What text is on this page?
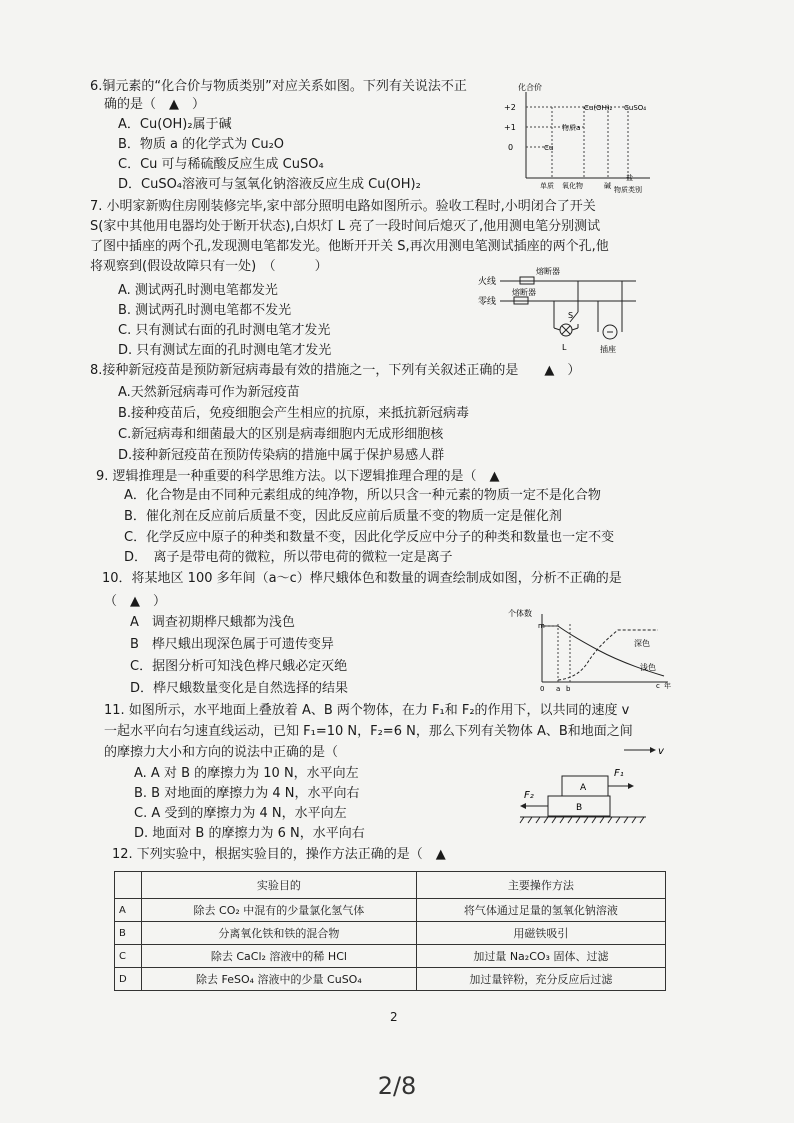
6.铜元素的“化合价与物质类别”对应关系如图。下列有关说法不正
确的是（　▲　）
A．Cu(OH)₂属于碱
B．物质 a 的化学式为 Cu₂O
C．Cu 可与稀硫酸反应生成 CuSO₄
D．CuSO₄溶液可与氢氧化钠溶液反应生成 Cu(OH)₂
化合价
+2
+1
0
Cu(OH)₂ CuSO₄
物质a
Cu
单质 氧化物	碱
盐
物质类别
7. 小明家新购住房刚装修完毕,家中部分照明电路如图所示。验收工程时,小明闭合了开关
S(家中其他用电器均处于断开状态),白炽灯 L 亮了一段时间后熄灭了,他用测电笔分别测试
了图中插座的两个孔,发现测电笔都发光。他断开开关 S,再次用测电笔测试插座的两个孔,他
将观察到(假设故障只有一处)　（　　　）
A. 测试两孔时测电笔都发光
B. 测试两孔时测电笔都不发光
C. 只有测试右面的孔时测电笔才发光
D. 只有测试左面的孔时测电笔才发光
火线
零线
熔断器
熔断器
S
L	插座
8.接种新冠疫苗是预防新冠病毒最有效的措施之一，下列有关叙述正确的是　　▲　）
A.天然新冠病毒可作为新冠疫苗
B.接种疫苗后，免疫细胞会产生相应的抗原，来抵抗新冠病毒
C.新冠病毒和细菌最大的区别是病毒细胞内无成形细胞核
D.接种新冠疫苗在预防传染病的措施中属于保护易感人群
9. 逻辑推理是一种重要的科学思维方法。以下逻辑推理合理的是（　▲
A．化合物是由不同种元素组成的纯净物，所以只含一种元素的物质一定不是化合物
B．催化剂在反应前后质量不变，因此反应前后质量不变的物质一定是催化剂
C．化学反应中原子的种类和数量不变，因此化学反应中分子的种类和数量也一定不变
D．　离子是带电荷的微粒，所以带电荷的微粒一定是离子
10．将某地区 100 多年间（a～c）桦尺蛾体色和数量的调查绘制成如图，分析不正确的是
（　▲　）
A　调查初期桦尺蛾都为浅色
B　桦尺蛾出现深色属于可遗传变异
C．据图分析可知浅色桦尺蛾必定灭绝
D．桦尺蛾数量变化是自然选择的结果
个体数
m
深色
浅色
0 a b	c 年
11. 如图所示，水平地面上叠放着 A、B 两个物体，在力 F₁和 F₂的作用下，以共同的速度 v
一起水平向右匀速直线运动，已知 F₁=10 N，F₂=6 N，那么下列有关物体 A、B和地面之间
的摩擦力大小和方向的说法中正确的是（
A. A 对 B 的摩擦力为 10 N，水平向左
B. B 对地面的摩擦力为 4 N，水平向右
C. A 受到的摩擦力为 4 N，水平向左
D. 地面对 B 的摩擦力为 6 N，水平向右
v
A
B
F₁
F₂
12. 下列实验中，根据实验目的，操作方法正确的是（　▲
	实验目的	主要操作方法
A	除去 CO₂ 中混有的少量氯化氢气体	将气体通过足量的氢氧化钠溶液
B	分离氧化铁和铁的混合物	用磁铁吸引
C	除去 CaCl₂ 溶液中的稀 HCl	加过量 Na₂CO₃ 固体、过滤
D	除去 FeSO₄ 溶液中的少量 CuSO₄	加过量锌粉，充分反应后过滤
2
2/8
